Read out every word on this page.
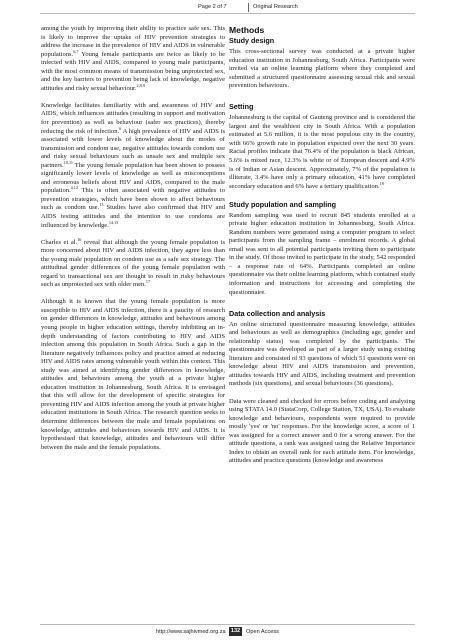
Page 2 of 7	Original Research

among the youth by improving their ability to practice safe sex. This is likely to improve the uptake of HIV prevention strategies to address the increase in the prevalence of HIV and AIDS in vulnerable populations.$^{6,7}$ Young female participants are twice as likely to be infected with HIV and AIDS, compared to young male participants, with the most common means of transmission being unprotected sex, and the key barriers to prevention being lack of knowledge, negative attitudes and risky sexual behaviour.$^{2,8,9}$

Knowledge facilitates familiarity with and awareness of HIV and AIDS, which influences attitudes (resulting in support and motivation for prevention) as well as behaviour (safer sex practices), thereby reducing the risk of infection.$^6$ A high prevalence of HIV and AIDS is associated with lower levels of knowledge about the modes of transmission and condom use, negative attitudes towards condom use and risky sexual behaviours such as unsafe sex and multiple sex partners.$^{10,11}$ The young female population has been shown to possess significantly lower levels of knowledge as well as misconceptions and erroneous beliefs about HIV and AIDS, compared to the male population.$^{4,12}$ This is often associated with negative attitudes to prevention strategies, which have been shown to affect behaviours such as condom use.$^{13}$ Studies have also confirmed that HIV and AIDS testing attitudes and the intention to use condoms are influenced by knowledge.$^{14,15}$

Charles et al.$^{16}$ reveal that although the young female population is more concerned about HIV and AIDS infection, they agree less than the young male population on condom use as a safe sex strategy. The attitudinal gender differences of the young female population with regard to transactional sex are thought to result in risky behaviours such as unprotected sex with older men.$^{17}$

Although it is known that the young female population is more susceptible to HIV and AIDS infection, there is a paucity of research on gender differences in knowledge, attitudes and behaviours among young people in higher education settings, thereby inhibiting an in-depth understanding of factors contributing to HIV and AIDS infection among this population in South Africa. Such a gap in the literature negatively influences policy and practice aimed at reducing HIV and AIDS rates among vulnerable youth within this context. This study was aimed at identifying gender differences in knowledge, attitudes and behaviours among the youth at a private higher education institution in Johannesburg, South Africa. It is envisaged that this will allow for the development of specific strategies for preventing HIV and AIDS infection among the youth at private higher education institutions in South Africa. The research question seeks to determine differences between the male and female populations on knowledge, attitudes and behaviours towards HIV and AIDS. It is hypothesised that knowledge, attitudes and behaviours will differ between the male and the female populations.

Methods
Study design

This cross-sectional survey was conducted at a private higher education institution in Johannesburg, South Africa. Participants were invited via an online learning platform where they completed and submitted a structured questionnaire assessing sexual risk and sexual prevention behaviours.

Setting

Johannesburg is the capital of Gauteng province and is considered the largest and the wealthiest city in South Africa. With a population estimated at 5.6 million, it is the most populous city in the country, with 66% growth rate in population expected over the next 30 years. Racial profiles indicate that 76.4% of the population is black African, 5.6% is mixed race, 12.3% is white or of European descent and 4.9% is of Indian or Asian descent. Approximately, 7% of the population is illiterate, 3.4% have only a primary education, 41% have completed secondary education and 6% have a tertiary qualification.$^{18}$

Study population and sampling

Random sampling was used to recruit 845 students enrolled at a private higher education institution in Johannesburg, South Africa. Random numbers were generated using a computer program to select participants from the sampling frame – enrolment records. A global email was sent to all potential participants inviting them to participate in the study. Of those invited to participate in the study, 542 responded – a response rate of 64%. Participants completed an online questionnaire via their online learning platform, which contained study information and instructions for accessing and completing the questionnaire.

Data collection and analysis

An online structured questionnaire measuring knowledge, attitudes and behaviours as well as demographics (including age, gender and relationship status) was completed by the participants. The questionnaire was developed as part of a larger study using existing literature and consisted of 93 questions of which 51 questions were on knowledge about HIV and AIDS transmission and prevention, attitudes towards HIV and AIDS, including treatment and prevention methods (six questions), and sexual behaviours (36 questions).

Data were cleaned and checked for errors before coding and analysing using STATA 14.0 (StataCorp, College Station, TX, USA). To evaluate knowledge and behaviours, respondents were required to provide mostly 'yes' or 'no' responses. For the knowledge score, a score of 1 was assigned for a correct answer and 0 for a wrong answer. For the attitude questions, a rank was assigned using the Relative Importance Index to obtain an overall rank for each attitude item. For knowledge, attitudes and practice questions (knowledge and awareness

http://www.sajhivmed.org.za 132	Open Access
